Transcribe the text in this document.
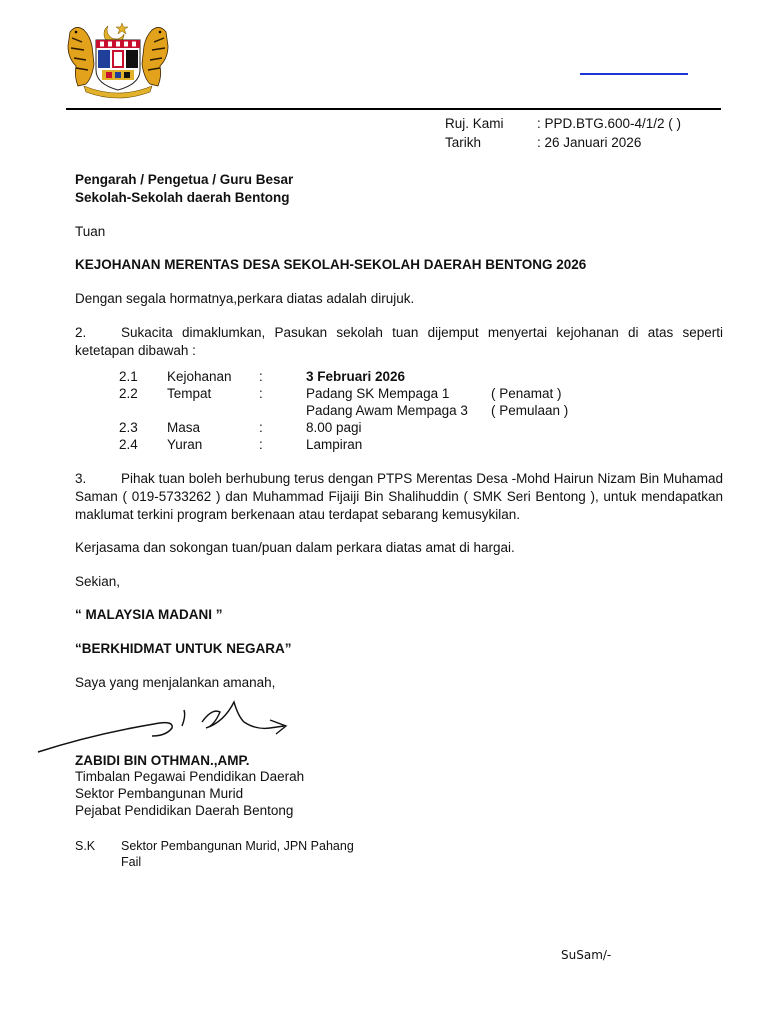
Ruj. Kami : PPD.BTG.600-4/1/2 ( )
Tarikh	: 26 Januari 2026
Pengarah / Pengetua / Guru Besar
Sekolah-Sekolah daerah Bentong
Tuan
KEJOHANAN MERENTAS DESA SEKOLAH-SEKOLAH DAERAH BENTONG 2026
Dengan segala hormatnya,perkara diatas adalah dirujuk.
2.	Sukacita dimaklumkan, Pasukan sekolah tuan dijemput menyertai kejohanan di atas seperti ketetapan dibawah :
2.1 Kejohanan :	3 Februari 2026
2.2 Tempat	:	Padang SK Mempaga 1	( Penamat )
Padang Awam Mempaga 3 ( Pemulaan )
2.3 Masa	:	8.00 pagi
2.4 Yuran	:	Lampiran
3.	Pihak tuan boleh berhubung terus dengan PTPS Merentas Desa -Mohd Hairun Nizam Bin Muhamad Saman ( 019-5733262 ) dan Muhammad Fijaiji Bin Shalihuddin ( SMK Seri Bentong ), untuk mendapatkan maklumat terkini program berkenaan atau terdapat sebarang kemusykilan.
Kerjasama dan sokongan tuan/puan dalam perkara diatas amat di hargai.
Sekian,
“ MALAYSIA MADANI ”
“BERKHIDMAT UNTUK NEGARA”
Saya yang menjalankan amanah,
ZABIDI BIN OTHMAN.,AMP.
Timbalan Pegawai Pendidikan Daerah
Sektor Pembangunan Murid
Pejabat Pendidikan Daerah Bentong
S.K Sektor Pembangunan Murid, JPN Pahang
Fail
SuSam/-
